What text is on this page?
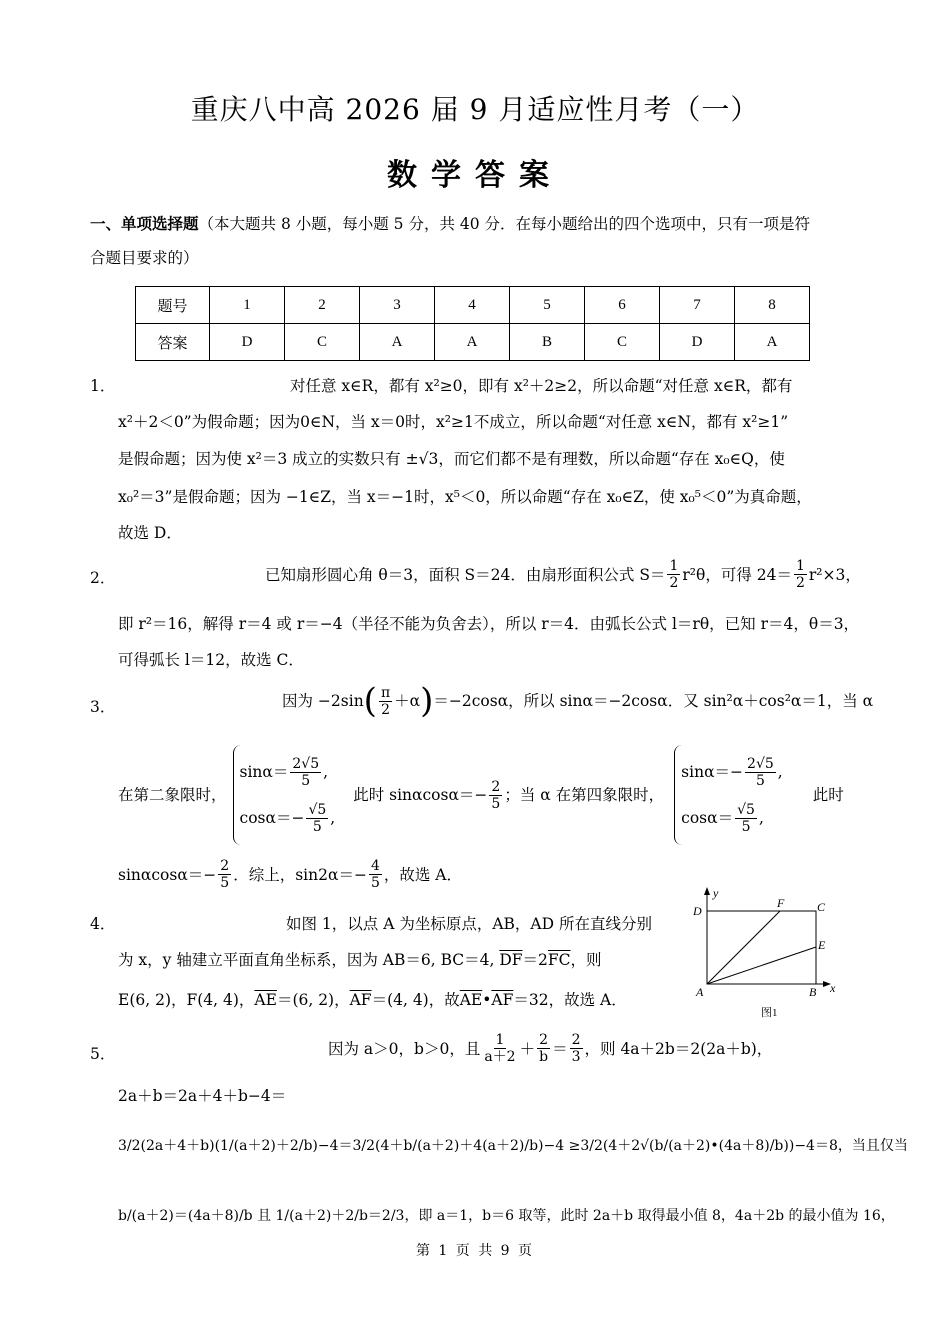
重庆八中高 2026 届 9 月适应性月考（一）
数学答案
一、单项选择题（本大题共 8 小题，每小题 5 分，共 40 分．在每小题给出的四个选项中，只有一项是符
合题目要求的）
题号	1	2	3	4	5	6	7	8
答案	D	C	A	A	B	C	D	A
1．	对任意 x∈R，都有 x²≥0，即有 x²＋2≥2，所以命题“对任意 x∈R，都有
x²＋2＜0”为假命题；因为0∈N，当 x＝0时，x²≥1不成立，所以命题“对任意 x∈N，都有 x²≥1”
是假命题；因为使 x²＝3 成立的实数只有 ±√3，而它们都不是有理数，所以命题“存在 x₀∈Q，使
x₀²＝3”是假命题；因为 −1∈Z，当 x＝−1时，x⁵＜0，所以命题“存在 x₀∈Z，使 x₀⁵＜0”为真命题，
故选 D．
2．	已知扇形圆心角 θ＝3，面积 S＝24．由扇形面积公式 $S= \frac{1}{2} r^2\theta$，可得 $24= \frac{1}{2} r^2\times 3$，
即 r²＝16，解得 r＝4 或 r＝−4（半径不能为负舍去），所以 r＝4．由弧长公式 l＝rθ，已知 r＝4，θ＝3，
可得弧长 l＝12，故选 C．
3．	因为 −2sin ( $\frac{\pi}{2} +\alpha$ ) ＝−2cosα，所以 sinα＝−2cosα．又 sin²α＋cos²α＝1，当 α
在第二象限时，
$\sin\alpha= \frac{2√5}{5}$ ,
$\cos\alpha=- \frac{√5}{5}$ ,
此时 $\sin\alpha\cos\alpha=- \frac{2}{5}$ ；当 α 在第四象限时，
$\sin\alpha=- \frac{2√5}{5}$ ,
$\cos\alpha= \frac{√5}{5}$ ,
此时
$\sin\alpha\cos\alpha=- \frac{2}{5}$ ．综上，$\sin 2\alpha=- \frac{4}{5}$ ，故选 A．
4．	如图 1，以点 A 为坐标原点，AB，AD 所在直线分别
为 x，y 轴建立平面直角坐标系，因为 AB＝6, BC＝4, $\overline{DF}=2\overline{FC}$，则
E(6, 2)，F(4, 4)，$\overline{AE}=(6$, 2)，$\overline{AF}=(4$, 4)，故$\overline{AE}•\overline{AF}=32$，故选 A．
y
D
F	C
E
A	B x
图1
5．	因为 a＞0，b＞0，且 $\frac{1}{a+2} + \frac{2}{b} = \frac{2}{3}$ ，则 4a＋2b＝2(2a＋b)，
2a＋b＝2a＋4＋b−4＝
3/2(2a＋4＋b)(1/(a＋2)＋2/b)−4＝3/2(4＋b/(a＋2)＋4(a＋2)/b)−4 ≥3/2(4＋2√(b/(a＋2)•(4a＋8)/b))−4＝8，当且仅当
b/(a＋2)＝(4a＋8)/b 且 1/(a＋2)＋2/b＝2/3，即 a＝1，b＝6 取等，此时 2a＋b 取得最小值 8，4a＋2b 的最小值为 16，
第 1 页 共 9 页
